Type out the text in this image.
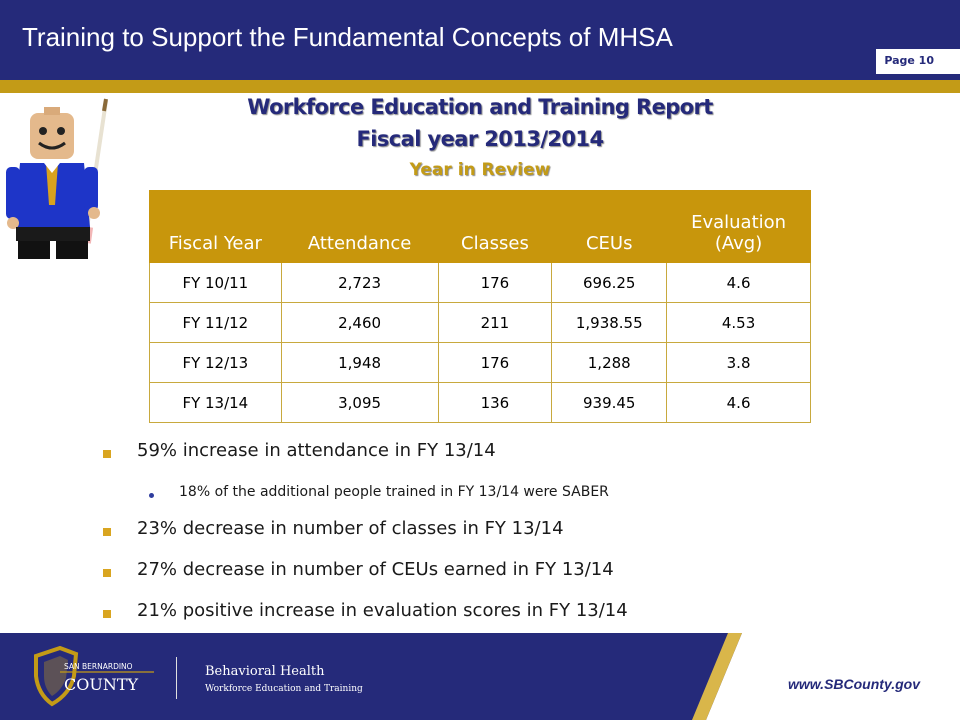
Training to Support the Fundamental Concepts of MHSA
Page 10
Workforce Education and Training Report
Fiscal year 2013/2014
Year in Review
Fiscal Year	Attendance	Classes	CEUs	Evaluation (Avg)
FY 10/11	2,723	176	696.25	4.6
FY 11/12	2,460	211	1,938.55	4.53
FY 12/13	1,948	176	1,288	3.8
FY 13/14	3,095	136	939.45	4.6
59% increase in attendance in FY 13/14
18% of the additional people trained in FY 13/14 were SABER
23% decrease in number of classes in FY 13/14
27% decrease in number of CEUs earned in FY 13/14
21% positive increase in evaluation scores in FY 13/14
SAN BERNARDINO
COUNTY
Behavioral Health
Workforce Education and Training	www.SBCounty.gov
